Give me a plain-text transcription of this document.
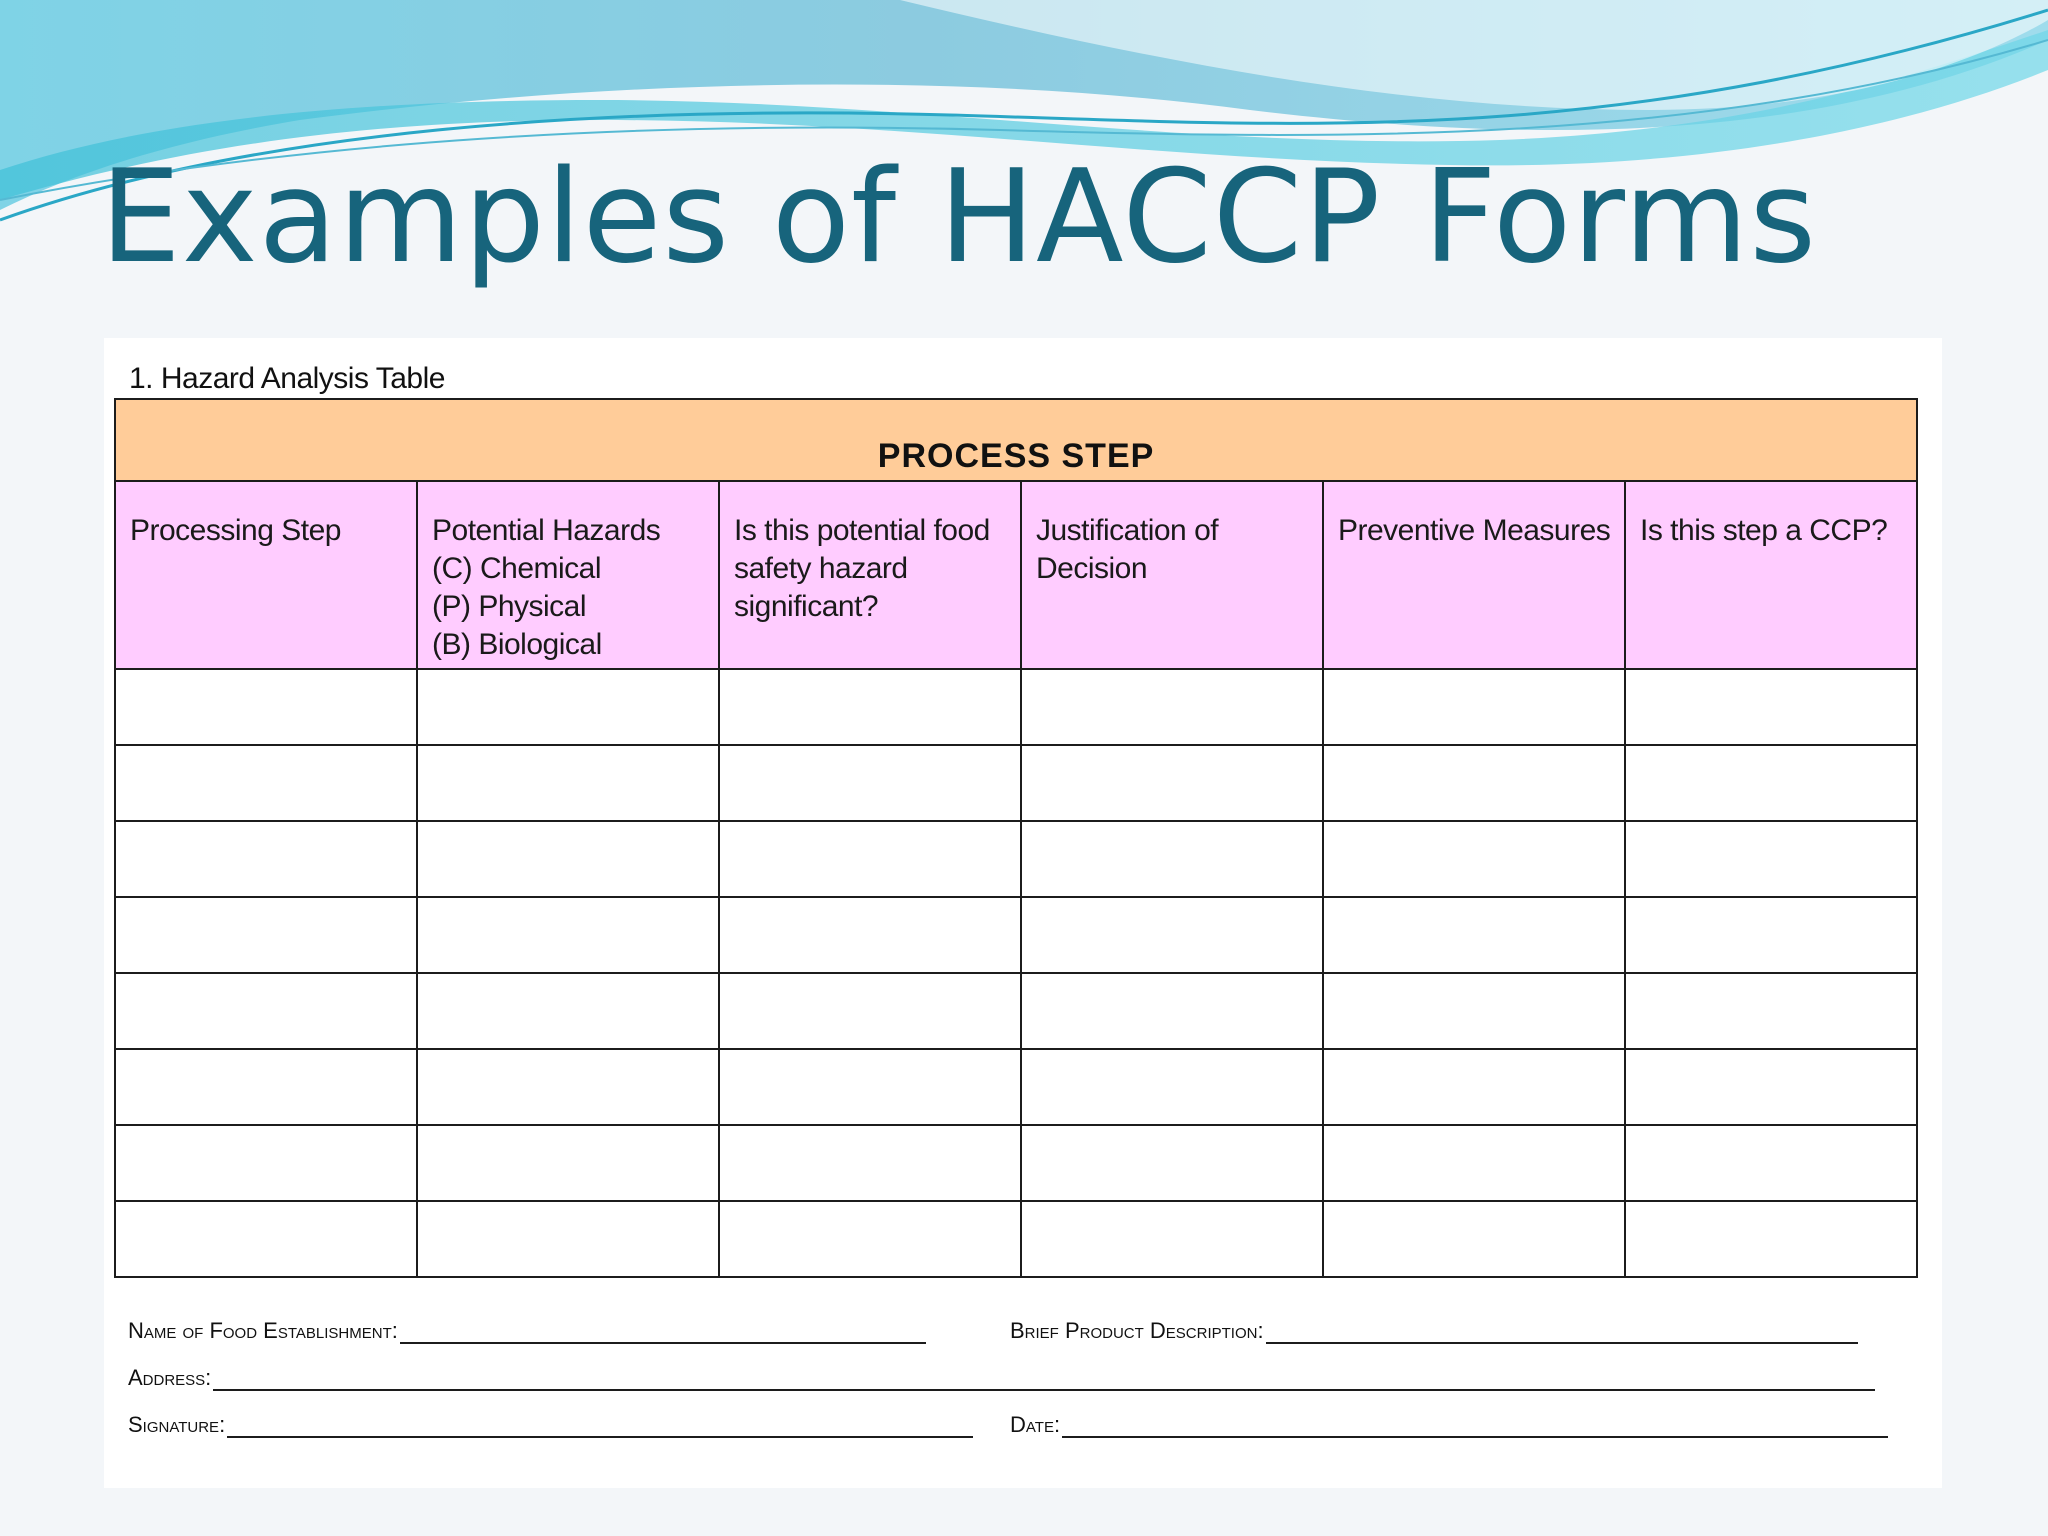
Examples of HACCP Forms
1. Hazard Analysis Table
PROCESS STEP					

Processing Step	Potential Hazards
(C) Chemical
(P) Physical
(B) Biological	Is this potential food
safety hazard
significant?	Justification of
Decision	Preventive Measures	Is this step a CCP?

Name of Food Establishment:	Brief Product Description:
Address:
Signature:	Date:
